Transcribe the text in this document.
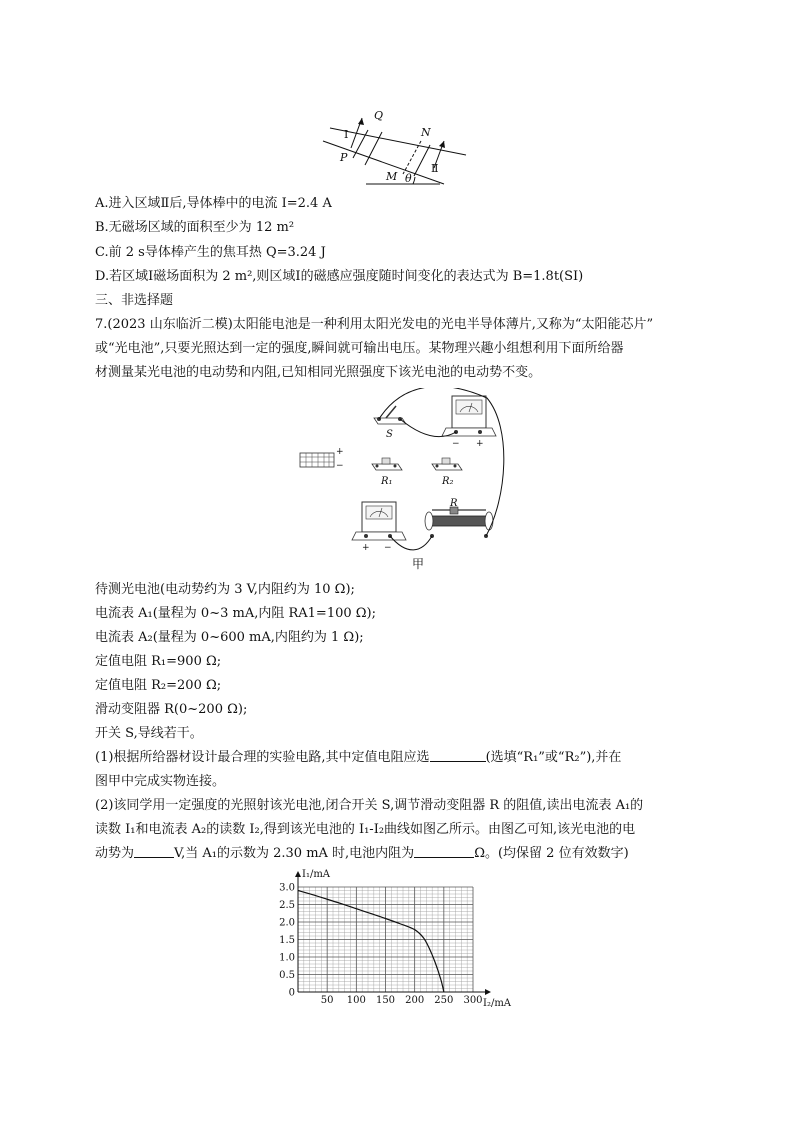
Ⅰ
Q
P
N
M θ
Ⅱ
A.进入区域Ⅱ后,导体棒中的电流 I=2.4 A
B.无磁场区域的面积至少为 12 m²
C.前 2 s导体棒产生的焦耳热 Q=3.24 J
D.若区域Ⅰ磁场面积为 2 m²,则区域Ⅰ的磁感应强度随时间变化的表达式为 B=1.8t(SI)
三、非选择题
7.(2023 山东临沂二模)太阳能电池是一种利用太阳光发电的光电半导体薄片,又称为“太阳能芯片”
或“光电池”,只要光照达到一定的强度,瞬间就可输出电压。某物理兴趣小组想利用下面所给器
材测量某光电池的电动势和内阻,已知相同光照强度下该光电池的电动势不变。
+
−
S
− +
R₁	R₂
R
+ −
甲
待测光电池(电动势约为 3 V,内阻约为 10 Ω);
电流表 A₁(量程为 0~3 mA,内阻 RA1=100 Ω);
电流表 A₂(量程为 0~600 mA,内阻约为 1 Ω);
定值电阻 R₁=900 Ω;
定值电阻 R₂=200 Ω;
滑动变阻器 R(0~200 Ω);
开关 S,导线若干。
(1)根据所给器材设计最合理的实验电路,其中定值电阻应选	(选填“R₁”或“R₂”),并在
图甲中完成实物连接。
(2)该同学用一定强度的光照射该光电池,闭合开关 S,调节滑动变阻器 R 的阻值,读出电流表 A₁的
读数 I₁和电流表 A₂的读数 I₂,得到该光电池的 I₁-I₂曲线如图乙所示。由图乙可知,该光电池的电
动势为	V,当 A₁的示数为 2.30 mA 时,电池内阻为	Ω。(均保留 2 位有效数字)
50 100 150 200 250 300
0
0.5
1.0
1.5
2.0
2.5
3.0
I₁/mA
I₂/mA
